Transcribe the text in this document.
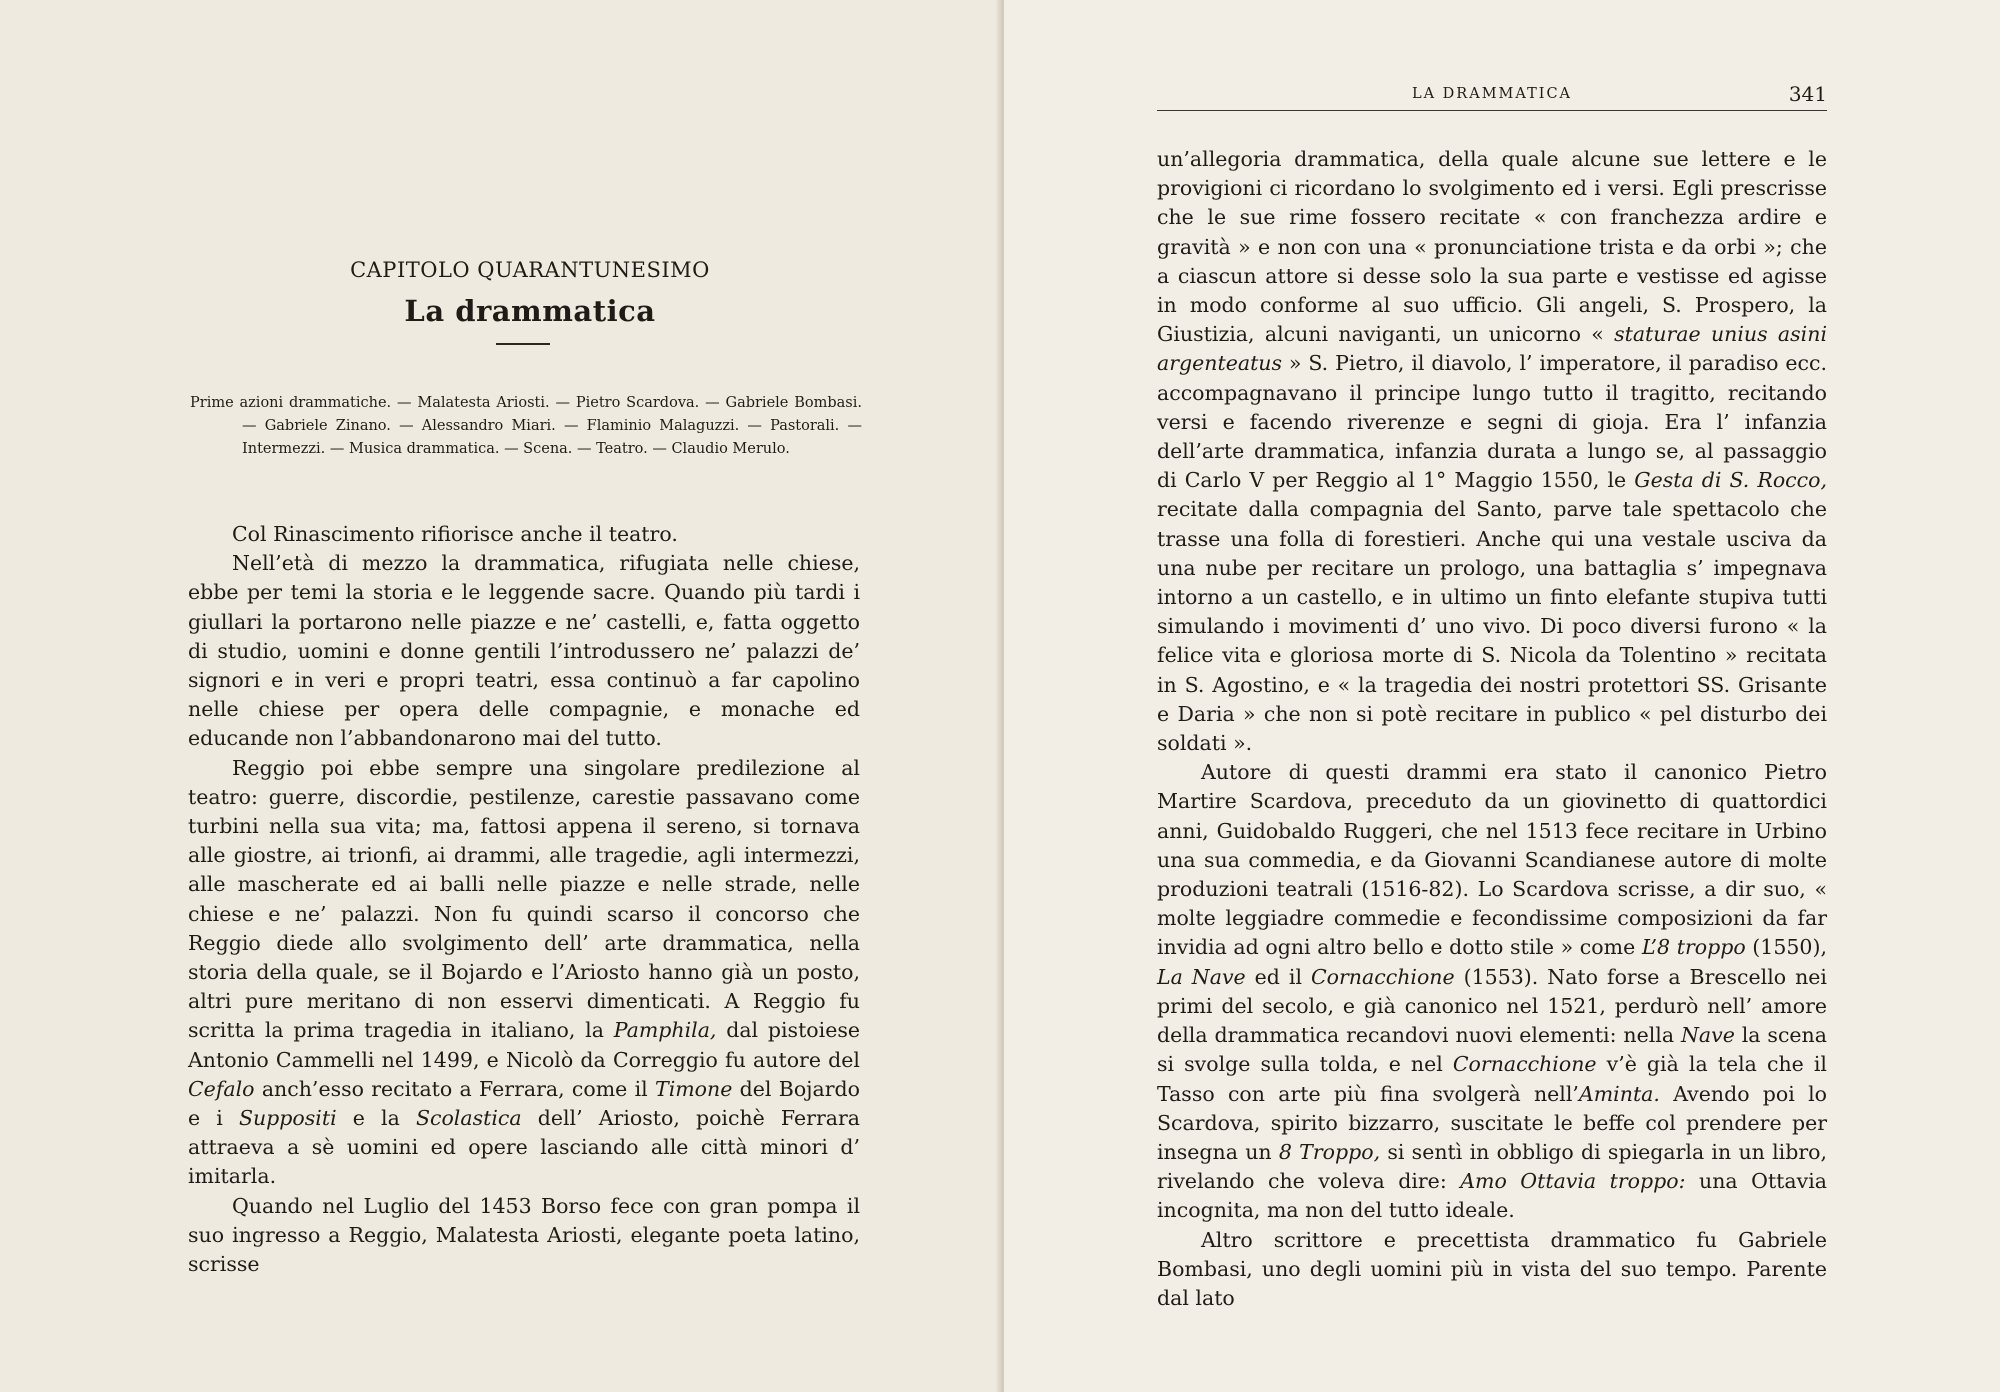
CAPITOLO QUARANTUNESIMO
La drammatica

Prime azioni drammatiche. — Malatesta Ariosti. — Pietro Scardova. — Gabriele Bombasi. — Gabriele Zinano. — Alessandro Miari. — Flaminio Malaguzzi. — Pastorali. — Intermezzi. — Musica drammatica. — Scena. — Teatro. — Claudio Merulo.

Col Rinascimento rifiorisce anche il teatro.

Nell’età di mezzo la drammatica, rifugiata nelle chiese, ebbe per temi la storia e le leggende sacre. Quando più tardi i giullari la portarono nelle piazze e ne’ castelli, e, fatta oggetto di studio, uomini e donne gentili l’introdussero ne’ palazzi de’ signori e in veri e propri teatri, essa continuò a far capolino nelle chiese per opera delle compagnie, e monache ed educande non l’abbandonarono mai del tutto.

Reggio poi ebbe sempre una singolare predilezione al teatro: guerre, discordie, pestilenze, carestie passavano come turbini nella sua vita; ma, fattosi appena il sereno, si tornava alle giostre, ai trionfi, ai drammi, alle tragedie, agli intermezzi, alle mascherate ed ai balli nelle piazze e nelle strade, nelle chiese e ne’ palazzi. Non fu quindi scarso il concorso che Reggio diede allo svolgimento dell’ arte drammatica, nella storia della quale, se il Bojardo e l’Ariosto hanno già un posto, altri pure meritano di non esservi dimenticati. A Reggio fu scritta la prima tragedia in italiano, la Pamphila, dal pistoiese Antonio Cammelli nel 1499, e Nicolò da Correggio fu autore del Cefalo anch’esso recitato a Ferrara, come il Timone del Bojardo e i Suppositi e la Scolastica dell’ Ariosto, poichè Ferrara attraeva a sè uomini ed opere lasciando alle città minori d’ imitarla.

Quando nel Luglio del 1453 Borso fece con gran pompa il suo ingresso a Reggio, Malatesta Ariosti, elegante poeta latino, scrisse

LA DRAMMATICA	341

un’allegoria drammatica, della quale alcune sue lettere e le provigioni ci ricordano lo svolgimento ed i versi. Egli prescrisse che le sue rime fossero recitate « con franchezza ardire e gravità » e non con una « pronunciatione trista e da orbi »; che a ciascun attore si desse solo la sua parte e vestisse ed agisse in modo conforme al suo ufficio. Gli angeli, S. Prospero, la Giustizia, alcuni naviganti, un unicorno « staturae unius asini argenteatus » S. Pietro, il diavolo, l’ imperatore, il paradiso ecc. accompagnavano il principe lungo tutto il tragitto, recitando versi e facendo riverenze e segni di gioja. Era l’ infanzia dell’arte drammatica, infanzia durata a lungo se, al passaggio di Carlo V per Reggio al 1° Maggio 1550, le Gesta di S. Rocco, recitate dalla compagnia del Santo, parve tale spettacolo che trasse una folla di forestieri. Anche qui una vestale usciva da una nube per recitare un prologo, una battaglia s’ impegnava intorno a un castello, e in ultimo un finto elefante stupiva tutti simulando i movimenti d’ uno vivo. Di poco diversi furono « la felice vita e gloriosa morte di S. Nicola da Tolentino » recitata in S. Agostino, e « la tragedia dei nostri protettori SS. Grisante e Daria » che non si potè recitare in publico « pel disturbo dei soldati ».

Autore di questi drammi era stato il canonico Pietro Martire Scardova, preceduto da un giovinetto di quattordici anni, Guidobaldo Ruggeri, che nel 1513 fece recitare in Urbino una sua commedia, e da Giovanni Scandianese autore di molte produzioni teatrali (1516-82). Lo Scardova scrisse, a dir suo, « molte leggiadre commedie e fecondissime composizioni da far invidia ad ogni altro bello e dotto stile » come L’8 troppo (1550), La Nave ed il Cornacchione (1553). Nato forse a Brescello nei primi del secolo, e già canonico nel 1521, perdurò nell’ amore della drammatica recandovi nuovi elementi: nella Nave la scena si svolge sulla tolda, e nel Cornacchione v’è già la tela che il Tasso con arte più fina svolgerà nell’Aminta. Avendo poi lo Scardova, spirito bizzarro, suscitate le beffe col prendere per insegna un 8 Troppo, si sentì in obbligo di spiegarla in un libro, rivelando che voleva dire: Amo Ottavia troppo: una Ottavia incognita, ma non del tutto ideale.

Altro scrittore e precettista drammatico fu Gabriele Bombasi, uno degli uomini più in vista del suo tempo. Parente dal lato
